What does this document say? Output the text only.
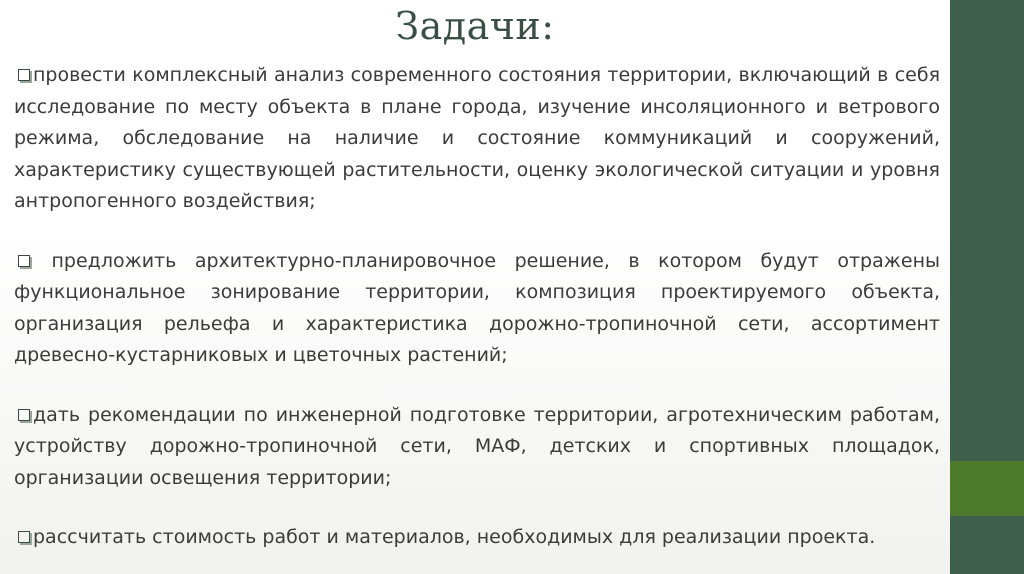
Задачи:
провести комплексный анализ современного состояния территории, включающий в себя исследование по месту объекта в плане города, изучение инсоляционного и ветрового режима, обследование на наличие и состояние коммуникаций и сооружений, характеристику существующей растительности, оценку экологической ситуации и уровня антропогенного воздействия;
предложить архитектурно-планировочное решение, в котором будут отражены функциональное зонирование территории, композиция проектируемого объекта, организация рельефа и характеристика дорожно-тропиночной сети, ассортимент древесно-кустарниковых и цветочных растений;
дать рекомендации по инженерной подготовке территории, агротехническим работам, устройству дорожно-тропиночной сети, МАФ, детских и спортивных площадок, организации освещения территории;
рассчитать стоимость работ и материалов, необходимых для реализации проекта.
